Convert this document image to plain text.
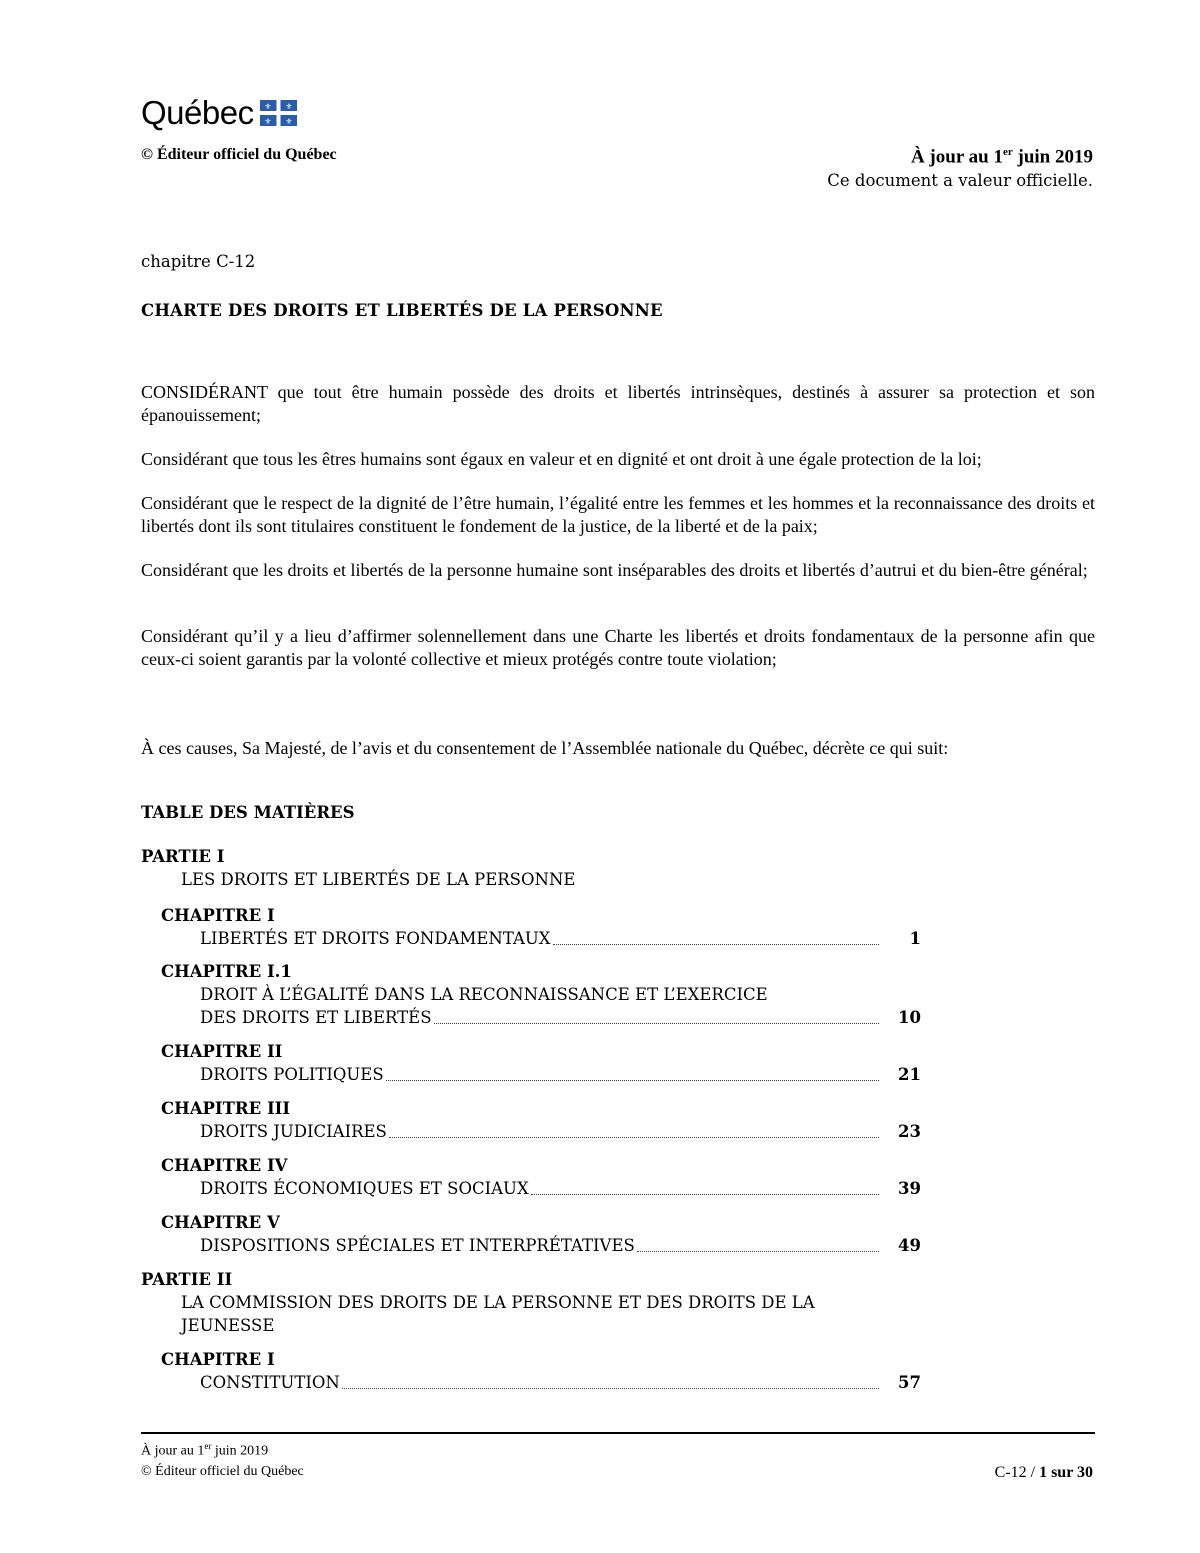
Québec ⚜ ⚜
⚜ ⚜
© Éditeur officiel du Québec	À jour au 1er juin 2019
Ce document a valeur officielle.
chapitre C-12
CHARTE DES DROITS ET LIBERTÉS DE LA PERSONNE
CONSIDÉRANT que tout être humain possède des droits et libertés intrinsèques, destinés à assurer sa protection et son épanouissement;
Considérant que tous les êtres humains sont égaux en valeur et en dignité et ont droit à une égale protection de la loi;
Considérant que le respect de la dignité de l’être humain, l’égalité entre les femmes et les hommes et la reconnaissance des droits et libertés dont ils sont titulaires constituent le fondement de la justice, de la liberté et de la paix;
Considérant que les droits et libertés de la personne humaine sont inséparables des droits et libertés d’autrui et du bien-être général;
Considérant qu’il y a lieu d’affirmer solennellement dans une Charte les libertés et droits fondamentaux de la personne afin que ceux-ci soient garantis par la volonté collective et mieux protégés contre toute violation;
À ces causes, Sa Majesté, de l’avis et du consentement de l’Assemblée nationale du Québec, décrète ce qui suit:
TABLE DES MATIÈRES
PARTIE I
LES DROITS ET LIBERTÉS DE LA PERSONNE
CHAPITRE I
LIBERTÉS ET DROITS FONDAMENTAUX	1
CHAPITRE I.1
DROIT À L’ÉGALITÉ DANS LA RECONNAISSANCE ET L’EXERCICE
DES DROITS ET LIBERTÉS	10
CHAPITRE II
DROITS POLITIQUES	21
CHAPITRE III
DROITS JUDICIAIRES	23
CHAPITRE IV
DROITS ÉCONOMIQUES ET SOCIAUX	39
CHAPITRE V
DISPOSITIONS SPÉCIALES ET INTERPRÉTATIVES	49
PARTIE II
LA COMMISSION DES DROITS DE LA PERSONNE ET DES DROITS DE LA JEUNESSE
CHAPITRE I
CONSTITUTION	57
À jour au 1er juin 2019
© Éditeur officiel du Québec	C-12 / 1 sur 30
